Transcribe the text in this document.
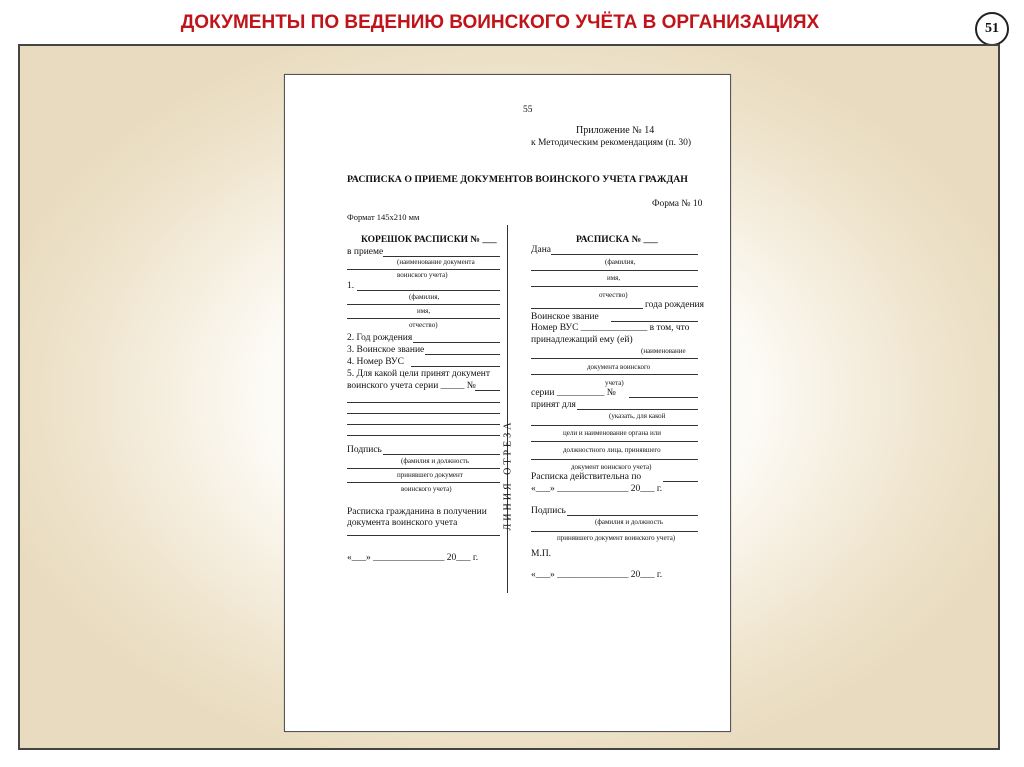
ДОКУМЕНТЫ ПО ВЕДЕНИЮ ВОИНСКОГО УЧЁТА В ОРГАНИЗАЦИЯХ	51
55
Приложение № 14
к Методическим рекомендациям (п. 30)
РАСПИСКА О ПРИЕМЕ ДОКУМЕНТОВ ВОИНСКОГО УЧЕТА ГРАЖДАН
Форма № 10
Формат 145х210 мм
ЛИНИЯ ОТРЕЗА
КОРЕШОК РАСПИСКИ № ___
в приеме
(наименование документа
воинского учета)
1.
(фамилия,
имя,
отчество)
2. Год рождения
3. Воинское звание
4. Номер ВУС
5. Для какой цели принят документ
воинского учета серии _____ №
Подпись
(фамилия и должность
принявшего документ
воинского учета)
Расписка гражданина в получении
документа воинского учета
«___» _______________ 20___ г.
РАСПИСКА № ___
Дана
(фамилия,
имя,
отчество)
года рождения
Воинское звание
Номер ВУС ______________ в том, что
принадлежащий ему (ей)
(наименование
документа воинского
учета)
серии __________ №
принят для
(указать, для какой
цели и наименование органа или
должностного лица, принявшего
документ воинского учета)
Расписка действительна по
«___» _______________ 20___ г.
Подпись
(фамилия и должность
принявшего документ воинского учета)
М.П.
«___» _______________ 20___ г.
